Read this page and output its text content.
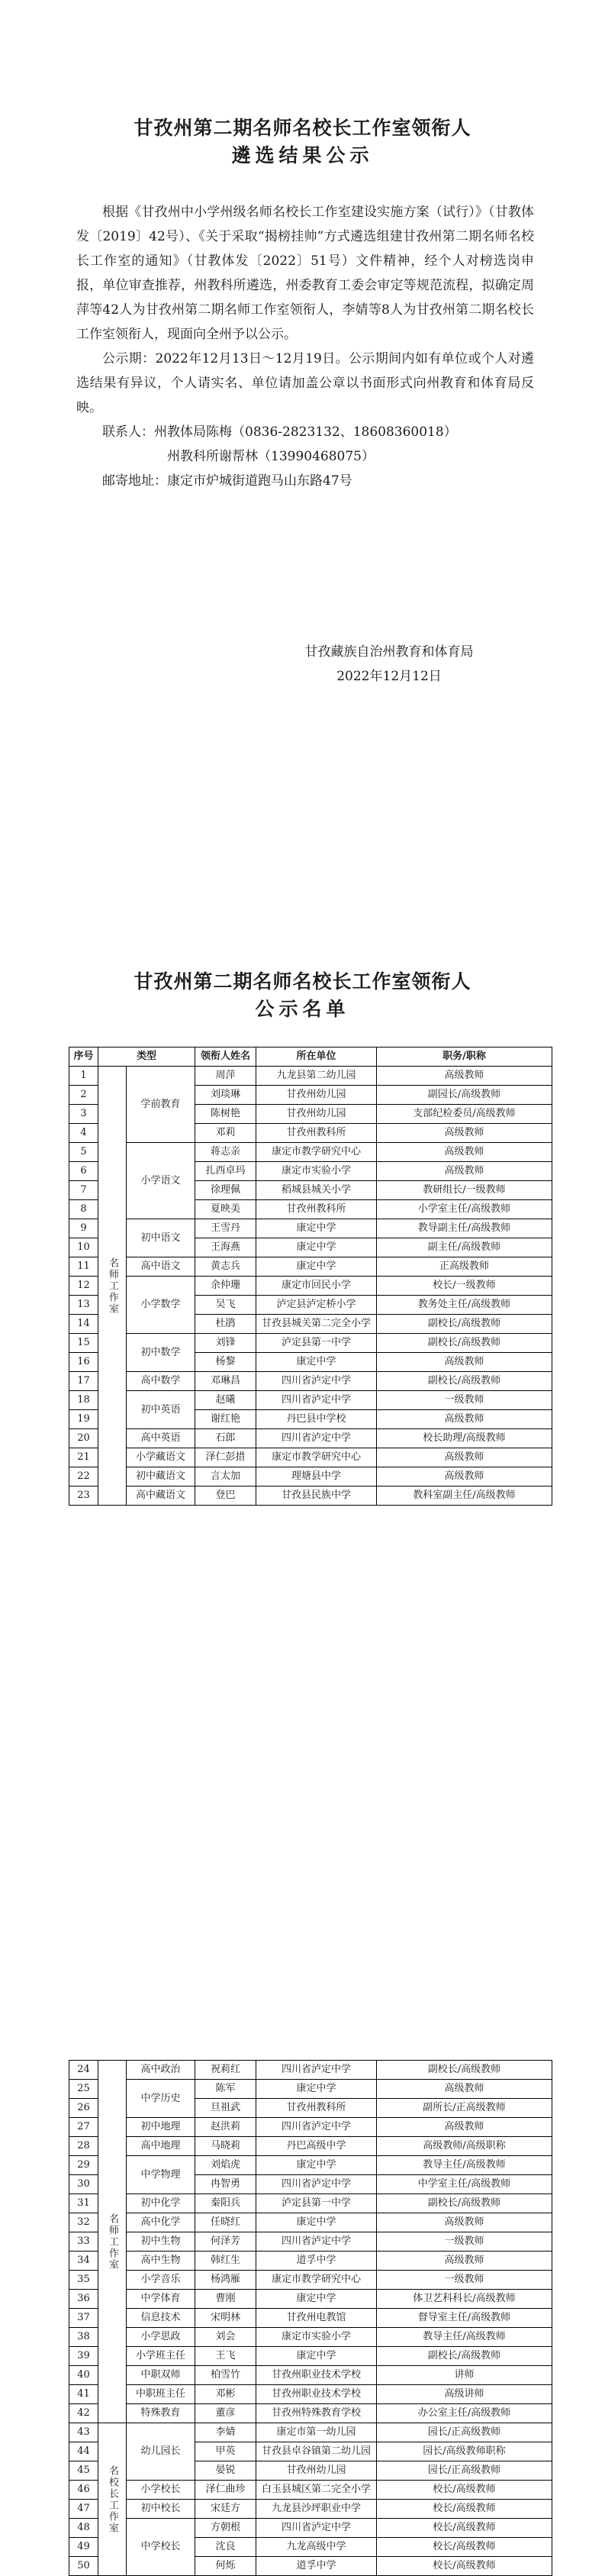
甘孜州第二期名师名校长工作室领衔人
遴选结果公示

根据《甘孜州中小学州级名师名校长工作室建设实施方案（试行）》（甘教体发〔2019〕42号）、《关于采取“揭榜挂帅”方式遴选组建甘孜州第二期名师名校长工作室的通知》（甘教体发〔2022〕51号）文件精神，经个人对榜选岗申报，单位审查推荐，州教科所遴选，州委教育工委会审定等规范流程，拟确定周萍等42人为甘孜州第二期名师工作室领衔人，李婧等8人为甘孜州第二期名校长工作室领衔人，现面向全州予以公示。

公示期：2022年12月13日～12月19日。公示期间内如有单位或个人对遴选结果有异议，个人请实名、单位请加盖公章以书面形式向州教育和体育局反映。

联系人：州教体局陈梅（0836-2823132、18608360018）
州教科所谢帮林（13990468075）
邮寄地址：康定市炉城街道跑马山东路47号
甘孜藏族自治州教育和体育局
2022年12月12日
甘孜州第二期名师名校长工作室领衔人
公示名单
序号	类型		领衔人姓名	所在单位	职务/职称
1	名师工作室	学前教育	周萍	九龙县第二幼儿园	高级教师
2			刘琰琳	甘孜州幼儿园	副园长/高级教师
3			陈树艳	甘孜州幼儿园	支部纪检委员/高级教师
4			邓莉	甘孜州教科所	高级教师
5		小学语文	蒋志亲	康定市教学研究中心	高级教师
6			扎西卓玛	康定市实验小学	高级教师
7			徐理佩	稻城县城关小学	教研组长/一级教师
8			夏映美	甘孜州教科所	小学室主任/高级教师
9		初中语文	王雪丹	康定中学	教导副主任/高级教师
10			王海燕	康定中学	副主任/高级教师
11		高中语文	黄志兵	康定中学	正高级教师
12		小学数学	余仲珊	康定市回民小学	校长/一级教师
13			吴飞	泸定县泸定桥小学	教务处主任/高级教师
14			杜鹃	甘孜县城关第二完全小学	副校长/高级教师
15		初中数学	刘锋	泸定县第一中学	副校长/高级教师
16			杨黎	康定中学	高级教师
17		高中数学	邓琳昌	四川省泸定中学	副校长/高级教师
18		初中英语	赵曦	四川省泸定中学	一级教师
19			谢红艳	丹巴县中学校	高级教师
20		高中英语	石郎	四川省泸定中学	校长助理/高级教师
21		小学藏语文	泽仁彭措	康定市教学研究中心	高级教师
22		初中藏语文	言太加	理塘县中学	高级教师
23		高中藏语文	登巴	甘孜县民族中学	教科室副主任/高级教师
24	名师工作室	高中政治	祝莉红	四川省泸定中学	副校长/高级教师
25		中学历史	陈军	康定中学	高级教师
26			旦祖武	甘孜州教科所	副所长/正高级教师
27		初中地理	赵洪莉	四川省泸定中学	高级教师
28		高中地理	马晓莉	丹巴高级中学	高级教师/高级职称
29		中学物理	刘焰虎	康定中学	教导主任/高级教师
30			冉智勇	四川省泸定中学	中学室主任/高级教师
31		初中化学	秦阳兵	泸定县第一中学	副校长/高级教师
32		高中化学	任晓红	康定中学	高级教师
33		初中生物	何泽芳	四川省泸定中学	一级教师
34		高中生物	韩红生	道孚中学	高级教师
35		小学音乐	杨鸿雁	康定市教学研究中心	一级教师
36		中学体育	曹刚	康定中学	体卫艺科科长/高级教师
37		信息技术	宋明林	甘孜州电教馆	督导室主任/高级教师
38		小学思政	刘会	康定市实验小学	教导主任/高级教师
39		小学班主任	王飞	康定中学	副校长/高级教师
40		中职双师	柏雪竹	甘孜州职业技术学校	讲师
41		中职班主任	邓彬	甘孜州职业技术学校	高级讲师
42		特殊教育	董彦	甘孜州特殊教育学校	办公室主任/高级教师
43	名校长工作室	幼儿园长	李婧	康定市第一幼儿园	园长/正高级教师
44			甲英	甘孜县卓谷镇第二幼儿园	园长/高级教师职称
45			晏锐	甘孜州幼儿园	园长/正高级教师
46		小学校长	泽仁曲珍	白玉县城区第二完全小学	校长/高级教师
47		初中校长	宋廷方	九龙县沙坪职业中学	校长/高级教师
48		中学校长	方朝根	四川省泸定中学	校长/高级教师
49			沈良	九龙高级中学	校长/高级教师
50			何烁	道孚中学	校长/高级教师
